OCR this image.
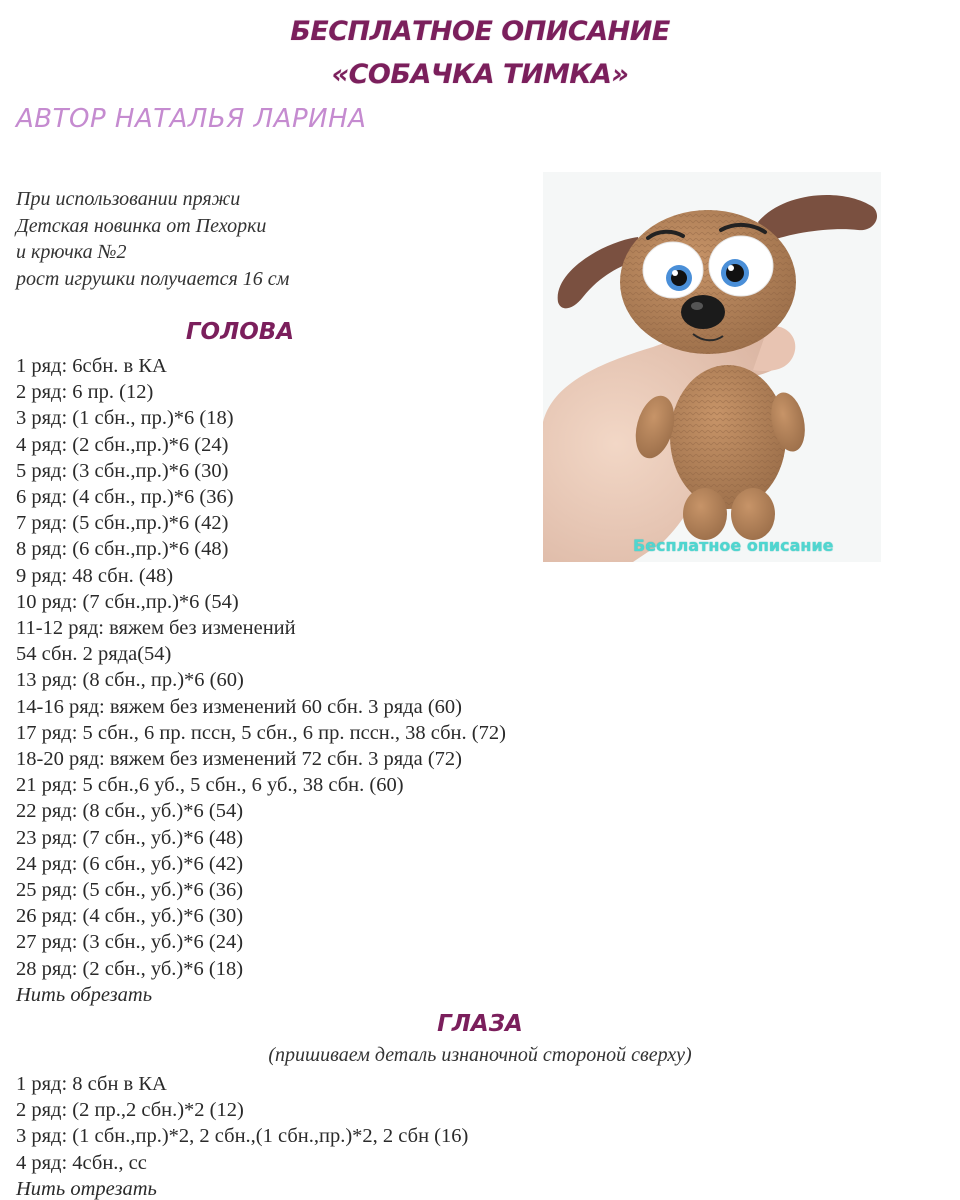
БЕСПЛАТНОЕ ОПИСАНИЕ
«СОБАЧКА ТИМКА»
АВТОР НАТАЛЬЯ ЛАРИНА
При использовании пряжи
Детская новинка от Пехорки
и крючка №2
рост игрушки получается 16 см
Бесплатное описание
ГОЛОВА
1 ряд: 6сбн. в КА
2 ряд: 6 пр. (12)
3 ряд: (1 сбн., пр.)*6 (18)
4 ряд: (2 сбн.,пр.)*6 (24)
5 ряд: (3 сбн.,пр.)*6 (30)
6 ряд: (4 сбн., пр.)*6 (36)
7 ряд: (5 сбн.,пр.)*6 (42)
8 ряд: (6 сбн.,пр.)*6 (48)
9 ряд: 48 сбн. (48)
10 ряд: (7 сбн.,пр.)*6 (54)
11-12 ряд: вяжем без изменений
54 сбн. 2 ряда(54)
13 ряд: (8 сбн., пр.)*6 (60)
14-16 ряд: вяжем без изменений 60 сбн. 3 ряда (60)
17 ряд: 5 сбн., 6 пр. пссн, 5 сбн., 6 пр. пссн., 38 сбн. (72)
18-20 ряд: вяжем без изменений 72 сбн. 3 ряда (72)
21 ряд: 5 сбн.,6 уб., 5 сбн., 6 уб., 38 сбн. (60)
22 ряд: (8 сбн., уб.)*6 (54)
23 ряд: (7 сбн., уб.)*6 (48)
24 ряд: (6 сбн., уб.)*6 (42)
25 ряд: (5 сбн., уб.)*6 (36)
26 ряд: (4 сбн., уб.)*6 (30)
27 ряд: (3 сбн., уб.)*6 (24)
28 ряд: (2 сбн., уб.)*6 (18)
Нить обрезать
ГЛАЗА
(пришиваем деталь изнаночной стороной сверху)
1 ряд: 8 сбн в КА
2 ряд: (2 пр.,2 сбн.)*2 (12)
3 ряд: (1 сбн.,пр.)*2, 2 сбн.,(1 сбн.,пр.)*2, 2 сбн (16)
4 ряд: 4сбн., сс
Нить отрезать
